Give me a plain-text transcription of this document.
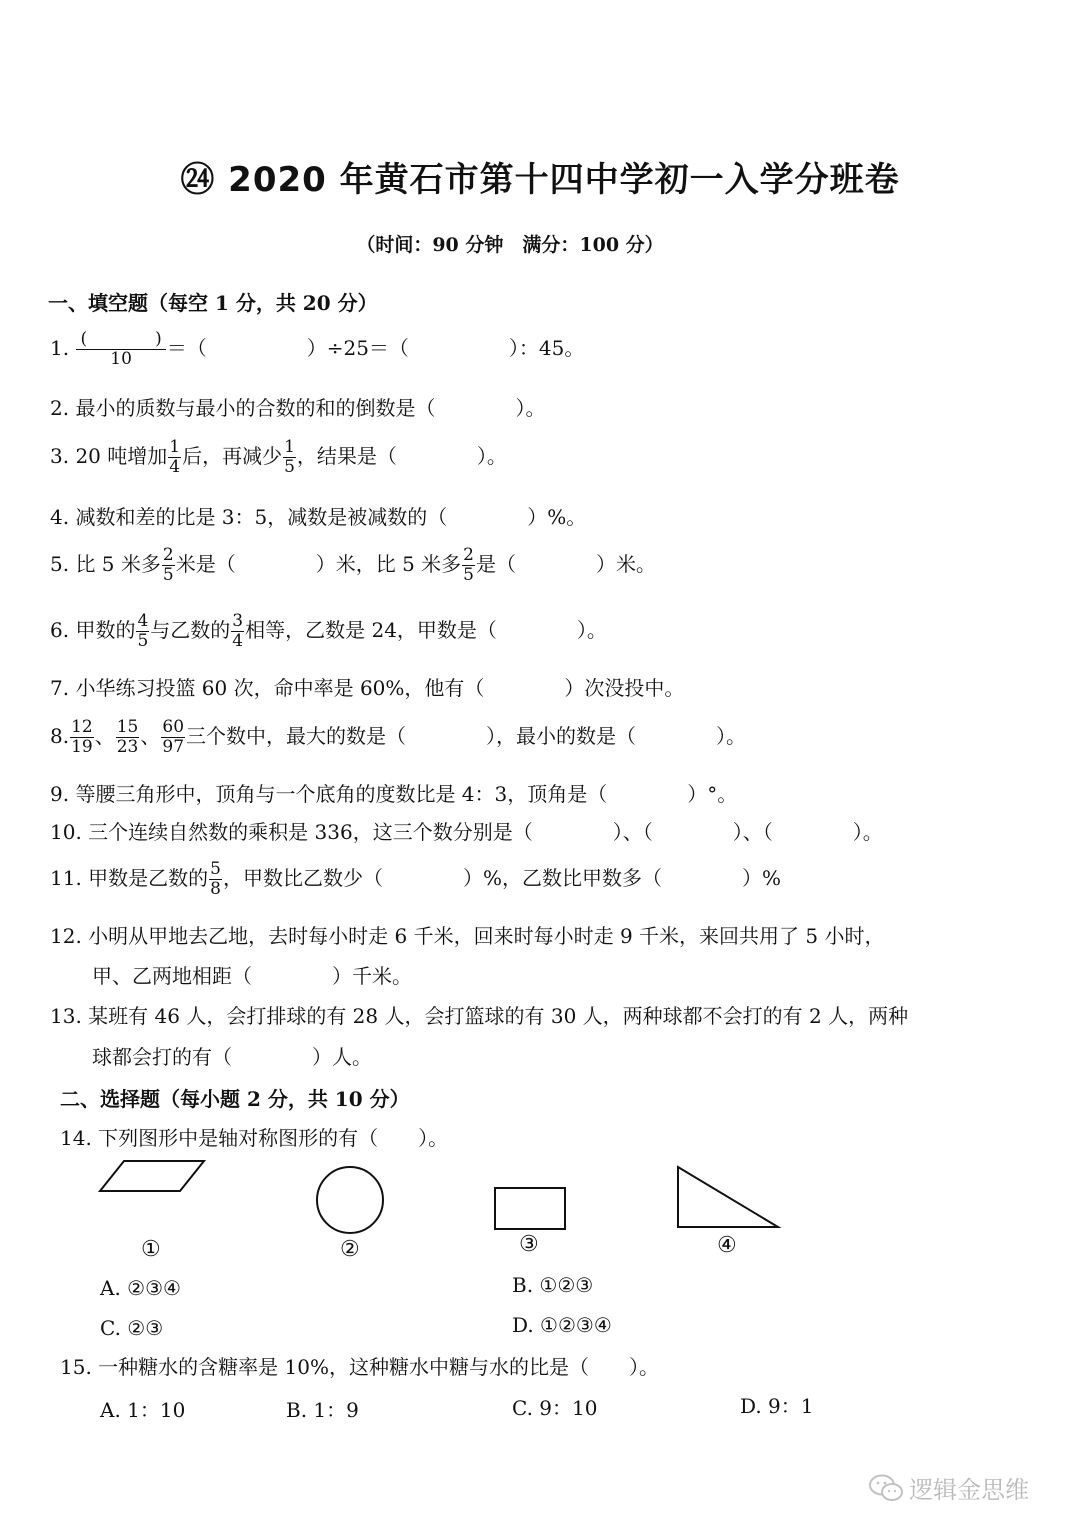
㉔ 2020 年黄石市第十四中学初一入学分班卷
（时间：90 分钟　满分：100 分）
一、填空题（每空 1 分，共 20 分）
1. $\frac{( )}{10}$ ＝（　　　　　）÷25＝（　　　　　）：45。
2. 最小的质数与最小的合数的和的倒数是（　　　　）。
3. 20 吨增加 $\frac{1}{4}$ 后，再减少 $\frac{1}{5}$ ，结果是（　　　　）。
4. 减数和差的比是 3：5，减数是被减数的（　　　　）%。
5. 比 5 米多 $\frac{2}{5}$ 米是（　　　　）米，比 5 米多 $\frac{2}{5}$ 是（　　　　）米。
6. 甲数的 $\frac{4}{5}$ 与乙数的 $\frac{3}{4}$ 相等，乙数是 24，甲数是（　　　　）。
7. 小华练习投篮 60 次，命中率是 60%，他有（　　　　）次没投中。
8. $\frac{12}{19}$ 、 $\frac{15}{23}$ 、 $\frac{60}{97}$ 三个数中，最大的数是（　　　　），最小的数是（　　　　）。
9. 等腰三角形中，顶角与一个底角的度数比是 4：3，顶角是（　　　　）°。
10. 三个连续自然数的乘积是 336，这三个数分别是（　　　　）、（　　　　）、（　　　　）。
11. 甲数是乙数的 $\frac{5}{8}$ ，甲数比乙数少（　　　　）%，乙数比甲数多（　　　　）%
12. 小明从甲地去乙地，去时每小时走 6 千米，回来时每小时走 9 千米，来回共用了 5 小时，
甲、乙两地相距（　　　　）千米。
13. 某班有 46 人，会打排球的有 28 人，会打篮球的有 30 人，两种球都不会打的有 2 人，两种
球都会打的有（　　　　）人。
二、选择题（每小题 2 分，共 10 分）
14. 下列图形中是轴对称图形的有（　　）。
①	②	③	④
A. ②③④	B. ①②③
C. ②③	D. ①②③④
15. 一种糖水的含糖率是 10%，这种糖水中糖与水的比是（　　）。
A. 1：10	B. 1：9	C. 9：10	D. 9：1
逻辑金思维
